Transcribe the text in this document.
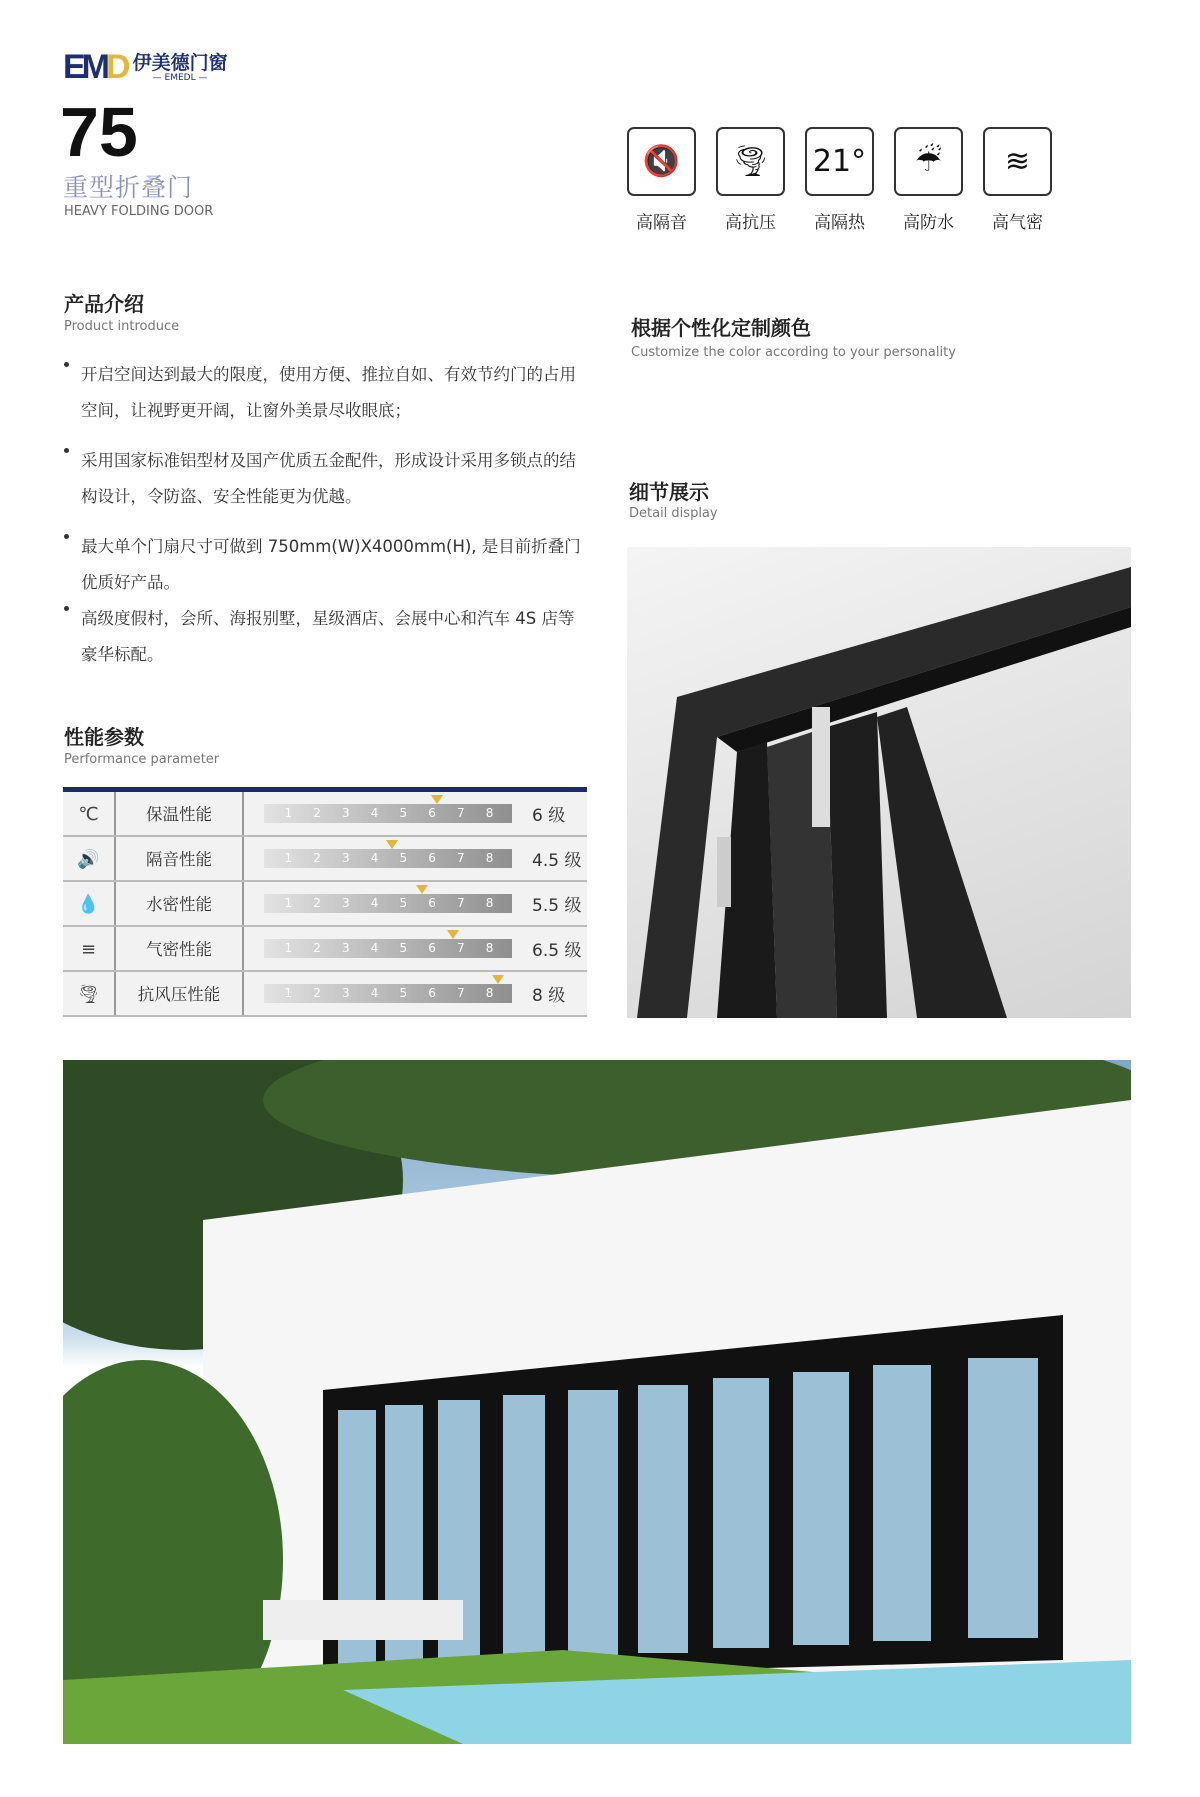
EMD 伊美德门窗
— EMEDL —
75
重型折叠门
HEAVY FOLDING DOOR
🔇
高隔音
🌪
高抗压
21°
高隔热
☔
高防水
≋
高气密
产品介绍
Product introduce
开启空间达到最大的限度，使用方便、推拉自如、有效节约门的占用空间，让视野更开阔，让窗外美景尽收眼底；
采用国家标准铝型材及国产优质五金配件，形成设计采用多锁点的结构设计，令防盗、安全性能更为优越。
最大单个门扇尺寸可做到 750mm(W)X4000mm(H), 是目前折叠门优质好产品。
高级度假村，会所、海报别墅，星级酒店、会展中心和汽车 4S 店等豪华标配。
性能参数
Performance parameter
℃	保温性能	1 2 3 4 5 6 7 8 6 级
🔊	隔音性能	1 2 3 4 5 6 7 8 4.5 级
💧	水密性能	1 2 3 4 5 6 7 8 5.5 级
≡	气密性能	1 2 3 4 5 6 7 8 6.5 级
🌪	抗风压性能	1 2 3 4 5 6 7 8 8 级
根据个性化定制颜色
Customize the color according to your personality
细节展示
Detail display
